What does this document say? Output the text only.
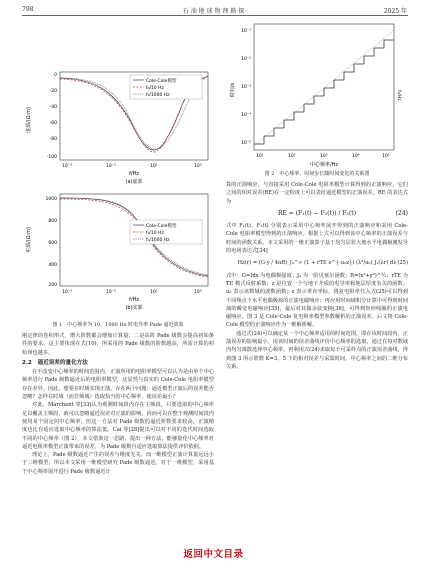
798	石 油 地 球 物 理 勘 探	2025 年
虚部/(Ω·m)
0
-20
-40
-60
-80
-100
Cole-Cole模型
f₀/10 Hz
f₀/1000 Hz
10⁻³	10⁻¹	10¹	10³
f/Hz
(a)虚部
实部/(Ω·m)
1000
800
600
400
200
Cole-Cole模型
f₀/10 Hz
f₀/1000 Hz
10⁻³	10⁻¹	10¹	10³
f/Hz
(b)实部
图 1　中心频率为 10、1000 Hz 时电导率 Pade 逼近效果

刚定律的卷积形式，增大阶数都会增加计算量；二是高阶 Pade 级数会提高初始条件的要求，这主要体现在式(10)，所采用的 Pade 级数的阶数越高，所需计算的初始场也越多。

2.2　逼近误差的量化方法

在不改变中心频率的时间范围内，正演所用的电阻率模型可以认为是由单个中心频率进行 Pade 级数逼近后的电阻率模型，这显然与真实的 Cole-Cole 电阻率模型存在差异。因此，想要在时域实现正演，存在两个问题：逼近模型正演后的误差能否忽略？怎样在时域（而非频域）选取恰当的中心频率，使误差最小？

对此，Marchant 等[33]认为观测时间段内存在主频段，只要选取的中心频率足以覆盖主频段，就可以忽略逼近误差对正演的影响，因而可以在整个观测时间段内使用某个固定的中心频率。但这一方法对 Pade 级数的逼近阶数要求较高，正演精度也比自适应选取中心频率的算法低。Cai 等[28]提出可以对不同的迭代时间选取不同的中心频率（图 2），本文借鉴这一思路，提出一种方法，能够量化中心频率对逼近电阻率模型正演带来的误差，为 Pade 级数自适应选取算法提供评价依据。

理论上，Pade 级数逼近产生的误差与维度无关，而一维模型正演计算量远远小于三维模型，所以本文采用一维模型研究 Pade 级数逼近。对于一维模型，采用基于中心频率展开进行 Pade 级数逼近计

时间/s
10⁻¹
10⁻²
10⁻³
10⁻⁴
10⁻⁵
f₀/Hz
10¹	10²	10³	10⁴	10⁵
中心频率/Hz
图 2　中心频率、时间步长随时间变化的关系图

算的正演响应，与直接采用 Cole-Cole 电阻率模型计算得到的正演响应，它们之间的相对误差(RE)在一定程度上可以表征逼近模型的正演误差。RE 的表达式为

RE = (F₁(t) − F₂(t)) / F₂(t)	(24)

式中 F₁(t)、F₂(t) 分别表示采用中心频率展开得到的正演响应和采用 Cole-Cole 电阻率模型得到的正演响应。根据上式可以得到该中心频率的正演误差与时间的函数关系。本文采用的一维正演算子基于均匀层状大地水平电偶极激发导的电场表达式[34]

Hz(r) = (G·y / 4πR) ∫₀^∞ (1 + rTE e^{-u₀z}) (λ³/u₀) J₁(λr) dλ (25)

式中：G=Idx 为电偶极强度；J₁ 为一阶贝塞尔函数；R=(x²+y²)^½；rTE 为 TE 模式反射系数；z 是位置一个与地下介质的电导率和地层厚度有关的函数；u₀ 表示该数域的波数函数；z 表示垂直坐标。将复电阻率代入式(25)可以得到不同频点下水平电偶极源的正演电磁响应；再应用时间域积分计算中可得到时间域的瞬变电磁响应[35]，最后对其做余弦变换[36]，可得到矩形线圈的正演电磁响应。图 3 是 Cole-Cole 复电阻率模型参数解析的正演误差，后文将 Cole-Cole 模型的正演响应作为一维解析解。

通过式(24)可以确定某一个中心频率适用的时间范围，即在该时间段内，正演误差的影响最小。用该时间的误差曲线评价中心频率的选取，通过在每对数域内均匀离散选择中心频率，再利用式(24)求取每个可采样点的正演误差曲线，得到图 3 所示阶数 K=3、5 下的相对误差与采集时间、中心频率之间的二维分布关系。

返回中文目录
